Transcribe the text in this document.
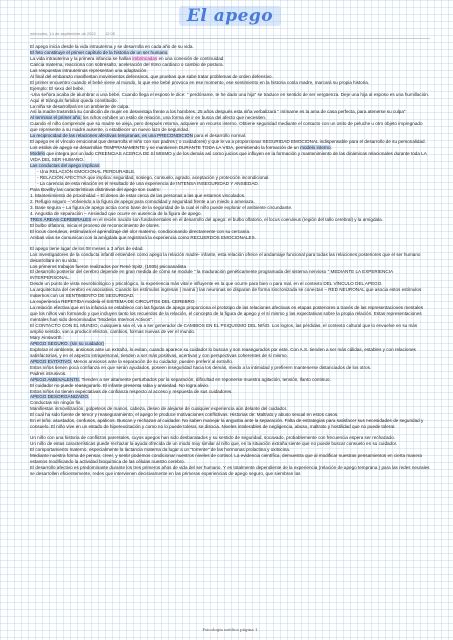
El apego
miércoles, 14 de septiembre de 2022 12:05

El apego inicia desde la vida intrauterina y se desarrolla en cada año de su vida.

El feto constituye el primer capítulo de la historia de un ser humano.

La vida intrauterina y la primera infancia se hallan imbrincadas en una conexión de continuidad.

Caricia materna, reacciona con sobresalto, aceleración del ritmo cardiaco o cambio de postura.

Las respuestas intrauterinas representan una adaptación.

Al final del embarazo manifiestan movimientos defensivos, que prueban que sabe tratar problemas de orden defensivo.

El primer encuentro cuando el bebé viene al mundo, lo que ese bebé provoca en ese momento, ese sentimiento en la historia conla madre, marcará su propia historia.

Ejemplo: El sexo del bebé.

-Una señora acaba de alumbrar a una bebé. Cuando llega el esposo le dice: " perdóname, te he dado una hija" se traduce en sentido de ser vergüenza. Deje una hija al esposo es una humillación.

Aquí el triángulo familiar queda constituido.

La niña se desarrollará en un ambiente de culpa.

Así la madre trasmitirá su condición de mujer en desventaja frente a los hombres. 25 años después esta niña verbalizará " mímame es la ama de casa perfecta, para atenerse su culpa"

Al terminar el primer año, los niños exhiben un estilo de relación, una forma de ir en busca del afecto que necesiten.

Cuando el niño comprende que su madre se aleja, pero después retorna, adquiere un recurso interno. Obtiene seguridad mediante el contacto con un osito de peluche u otro objeto impregnado que represente a su madre ausente, o establecer un nuevo lazo de seguridad.

La reciprocidad de las relaciones afectivas tempranas, es una PRECONDICIÓN para el desarrollo normal.

El apego es el vínculo emocional que desarrolla el niño con sus padres ( o cuidadores) y que le va a proporcionar SEGURIDAD EMOCIONAL indispensable para el desarrollo de su personalidad.

Los estilos de apego se desarrollan TEMPRANAMENTE y se mantienen DURANTE TODA LA VIDA, permitiendo la formación de un modelo interno.

Modelo que integra por un lado CREENCIAS ACERCA DE SÍ MISMO y de los demás así como juicios que influyen en la formación y mantenimiento de las dinámicas relacionales durante toda LA VIDA DEL SER HUMANO.

Las conductas del apego implican:

- Una RELACIÓN EMOCIONAL PERDURABLE.

- RELACIÓN AFECTIVA que implica: seguridad, sosiego, consuelo, agrado, aceptación y protección incondicional.

- La carencia de esta relación es el resultado de una experiencia de INTENSA INSEGURIDAD Y ANSIEDAD.

Para Bowlby las características distintivas del apego son cuatro:

1. Mantenimiento de proximidad – El deseo de estar cerca de las personas a las que estamos vinculados.

2. Refugio seguro – Volviendo a la figura de apego para comodidad y seguridad frente a un miedo o amenaza.

3. Base segura – La figura de apego actúa como base de la seguridad de la cual el niño puede explorar el ambiente circundante.

4. Angustia de separación – Ansiedad que ocurre en ausencia de la figura de apego.

TRES ÁREAS CEREBRALES en el recién nacido son fundamentales en el desarrollo del apego: el bulbo olfatorio, el locus coeruleus (región del tallo cerebral) y la amígdala.

El bulbo olfatorio, inicia el proceso de reconocimiento de olores.

El locus coeruleus, estimulará el aprendizaje del olor materno, condicionando directamente con su cercanía.

Ambas vías se comunican con la amígdala que registrará la experiencia como RECUERDOS EMOCIONALES.

El apego tiene lugar de los 08 meses a 3 años de edad.

Los investigadores de la conducta infantil entienden como apego la relación madre- infante, esta relación ofrece el andamiaje funcional para todas las relaciones posteriores que el ser humano desarrollará en su vida.

Los primeros trabajos fueron realizados por René Spitz, (1935) psicoanalista

El desarrollo posterior del cerebro depende en gran medida de cómo se module " la maduración genéticamente programada del sistema nervioso " MEDIANTE LA EXPERIENCIA INTERPERSONAL.

Desde un punto de vista neurobiológico y psicológico, la experiencia más vital e influyente es la que ocurre para bien o para mal, en el contexto DEL VÍNCULO DEL APEGO.

La arquitectura del cerebro es asociativa. Cuando los estímulos ingresan ( mamá ) las neuronas se disparan de forma sincronizada se conectan – RED NEURONAL que asocia estos estímulos maternos con un SENTIMIENTO DE SEGURIDAD.

La experiencia REPETIDA modela el SISTEMA DE CIRCUITOS DEL CEREBRO.

La relación efectiva que en la infancia se establece con las figuras de apego proporciona el prototipo de las relaciones afectivas en etapas posteriores a través de las representaciones mentales que los niños van formando y que incluyen tanto los recuerdos de la relación, el concepto de la figura de apego y el sí mismo y las expectativas sobre la propia relación. Estas representaciones mentales han sido denominadas "Modelos Internos Activos".

El CONTACTO CON EL MUNDO, cualquiera sea el, va a ser generador de CAMBIOS EN EL PSIQUISMO DEL NIÑO. Los logros, las pérdidas, el contexto cultural que lo envuelve en su más amplio sentido, van a producir efectos, cambios, formas nuevas de ver el mundo.

Mary Ainsworth.

APEGO SEGURO. (sin su cuidador)

Exploran el ambiente, ansiosos ante un extraño, lo evitan, cuando aparece su cuidador lo buscan y son reasegurados por este. Con A.S. tienden a ser más cálidas, estables y con relaciones satisfactorias, y en el aspecto intrapersonal, tienden a ser más positivas, acertivas y con perspectivas coherentes de sí mismo.

APEGO EVITATIVO. Menos ansiosos ante la separación de su cuidador, pueden preferir al extraño.

Estos niños tienen poca confianza en que serán ayudados, poseen inseguridad hacia los demás, miedo a la intimidad y prefieren mantenerse distanciados de los otros.

Padres intrusivos.

APEGO AMBIVALENTE. Tienden a ser altamente perturbados por la separación, dificultad en reponerse muestra agitación, tensión, llanto continuo.

El cuidador no puede reasegurarlo. El infante presenta rabia y ansiedad. No logra alivio.

Estos niños no tienen expectativas de confianza respecto al acceso y respuesta de sus cuidadores.

APEGO DESORGANIZADO.

Conductas sin ningún fin.

Manifiestan inmovilización, golpeteos de manos, cabeza, deseo de alejarse de cualquier experiencia aún delante del cuidador.

El cual ha sido fuente de temor y reaseguramiento, el apego le produce motivaciones conflictivas. Historias de: Maltrato y abuso sexual en estos casos.

En el niño: asustados, confusos, apáticos. Buscan y rechazan al cuidador. No saben manejar la angustia ante la separación. Falta de estrategias para satisfacer sus necesidades de seguridad y consuelo. El niño vive en un estado de hiperexcitación y como no lo puede tolerar, se disocia. Niveles intolerables de negligencia, abuso, maltrato y hostilidad que no puede tolerar.

Un niño con una historia de conflictos parentales, cuyos apegos han sido desbaratados y su sentido de seguridad, socavado, probablemente con frecuencia espera ser rechazado.

Un niño de estas características puede rechazar la ayuda ofrecida de un modo muy similar al niño que, en la situación extraña siente que no puede buscar consuelo en su cuidador.

El comportamiento materno, especialmente la lactancia materna da lugar a un "torrente" de las hormonas prolactina y oxitocina.

Mediante nuestra forma de pensar, creer, y sentir podemos condicionar nuestros niveles de cortisol. La evidencia científica, demuestra que al modificar nuestras pensamientos en cierta manera estamos modificando la actividad bioquímica de las células nuestro cerebro.

El desarrollo afectivo es predominante durante los tres primeros años de vida del ser humano. Y es totalmente dependiente de la experiencia (relación de apego temprana ) para las redes neurales se desarrollen eficientemente, redes que intervienen decisivamente en las primeras experiencias de apego seguro, que siembran las

Psicología médica página 1
